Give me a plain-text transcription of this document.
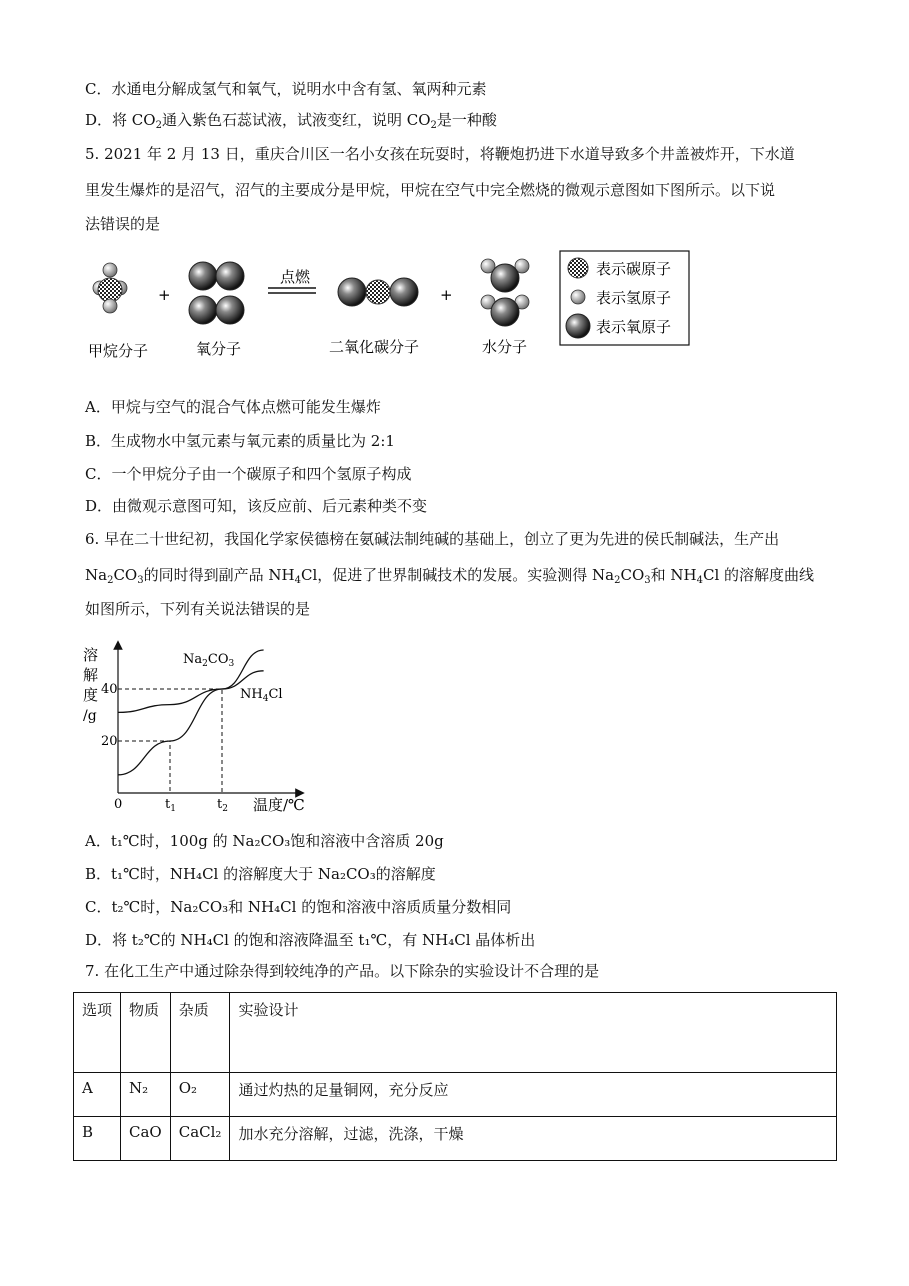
C．水通电分解成氢气和氧气，说明水中含有氢、氧两种元素
D．将 $CO_2$通入紫色石蕊试液，试液变红，说明 $CO_2$是一种酸
5. 2021 年 2 月 13 日，重庆合川区一名小女孩在玩耍时，将鞭炮扔进下水道导致多个井盖被炸开，下水道
里发生爆炸的是沼气，沼气的主要成分是甲烷，甲烷在空气中完全燃烧的微观示意图如下图所示。以下说
法错误的是
+	+
表示碳原子
表示氢原子
表示氧原子
点燃
甲烷分子	氧分子	二氧化碳分子	水分子
A．甲烷与空气的混合气体点燃可能发生爆炸
B．生成物水中氢元素与氧元素的质量比为 2:1
C．一个甲烷分子由一个碳原子和四个氢原子构成
D．由微观示意图可知，该反应前、后元素种类不变
6. 早在二十世纪初，我国化学家侯德榜在氨碱法制纯碱的基础上，创立了更为先进的侯氏制碱法，生产出
$Na_2CO_3$的同时得到副产品 $NH_4Cl$，促进了世界制碱技术的发展。实验测得 $Na_2CO_3$和 $NH_4Cl$ 的溶解度曲线
如图所示，下列有关说法错误的是
溶
解
度
/g
40
20
0	$t_1$	$t_2$ 温度/℃
$Na_2CO_3$
$NH_4Cl$
A．t₁℃时，100g 的 Na₂CO₃饱和溶液中含溶质 20g
B．t₁℃时，NH₄Cl 的溶解度大于 Na₂CO₃的溶解度
C．t₂℃时，Na₂CO₃和 NH₄Cl 的饱和溶液中溶质质量分数相同
D．将 t₂℃的 NH₄Cl 的饱和溶液降温至 t₁℃，有 NH₄Cl 晶体析出
7. 在化工生产中通过除杂得到较纯净的产品。以下除杂的实验设计不合理的是
选项	物质	杂质	实验设计
A	N₂	O₂	通过灼热的足量铜网，充分反应
B	CaO	CaCl₂	加水充分溶解，过滤，洗涤，干燥
